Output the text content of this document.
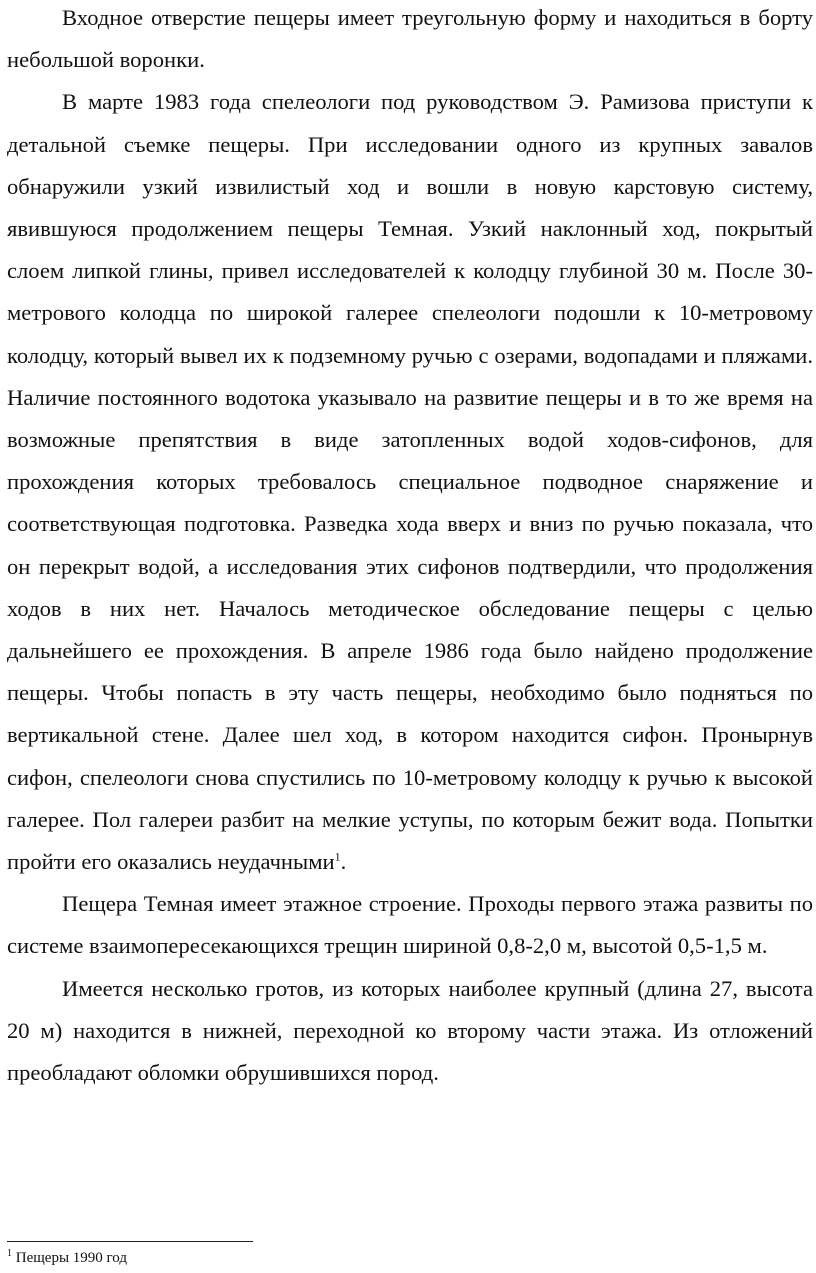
Входное отверстие пещеры имеет треугольную форму и находиться в борту небольшой воронки.

В марте 1983 года спелеологи под руководством Э. Рамизова приступи к детальной съемке пещеры. При исследовании одного из крупных завалов обнаружили узкий извилистый ход и вошли в новую карстовую систему, явившуюся продолжением пещеры Темная. Узкий наклонный ход, покрытый слоем липкой глины, привел исследователей к колодцу глубиной 30 м. После 30-метрового колодца по широкой галерее спелеологи подошли к 10-метровому колодцу, который вывел их к подземному ручью с озерами, водопадами и пляжами. Наличие постоянного водотока указывало на развитие пещеры и в то же время на возможные препятствия в виде затопленных водой ходов-сифонов, для прохождения которых требовалось специальное подводное снаряжение и соответствующая подготовка. Разведка хода вверх и вниз по ручью показала, что он перекрыт водой, а исследования этих сифонов подтвердили, что продолжения ходов в них нет. Началось методическое обследование пещеры с целью дальнейшего ее прохождения. В апреле 1986 года было найдено продолжение пещеры. Чтобы попасть в эту часть пещеры, необходимо было подняться по вертикальной стене. Далее шел ход, в котором находится сифон. Пронырнув сифон, спелеологи снова спустились по 10-метровому колодцу к ручью к высокой галерее. Пол галереи разбит на мелкие уступы, по которым бежит вода. Попытки пройти его оказались неудачными$^1$.

Пещера Темная имеет этажное строение. Проходы первого этажа развиты по системе взаимопересекающихся трещин шириной 0,8-2,0 м, высотой 0,5-1,5 м.

Имеется несколько гротов, из которых наиболее крупный (длина 27, высота 20 м) находится в нижней, переходной ко второму части этажа. Из отложений преобладают обломки обрушившихся пород.

$^1$ Пещеры 1990 год
